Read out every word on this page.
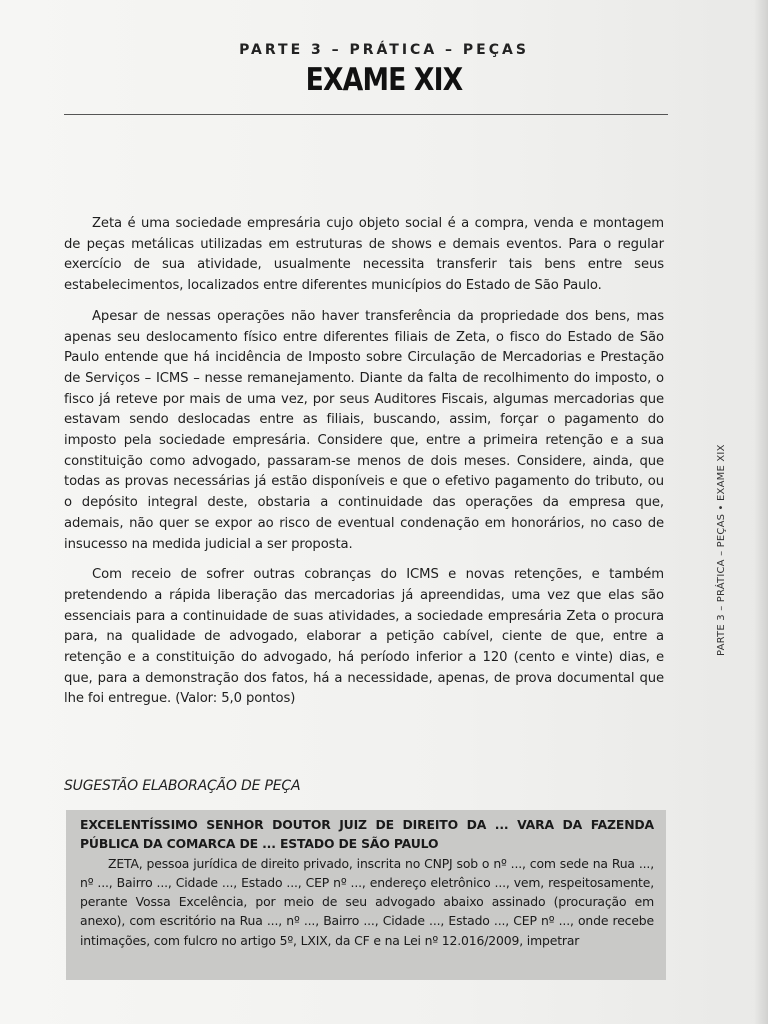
PARTE 3 – PRÁTICA – PEÇAS
EXAME XIX

Zeta é uma sociedade empresária cujo objeto social é a compra, venda e montagem de peças metálicas utilizadas em estruturas de shows e demais eventos. Para o regular exercício de sua atividade, usualmente necessita transferir tais bens entre seus estabelecimentos, localizados entre diferentes municípios do Estado de São Paulo.

Apesar de nessas operações não haver transferência da propriedade dos bens, mas apenas seu deslocamento físico entre diferentes filiais de Zeta, o fisco do Estado de São Paulo entende que há incidência de Imposto sobre Circulação de Mercadorias e Prestação de Serviços – ICMS – nesse remanejamento. Diante da falta de recolhimento do imposto, o fisco já reteve por mais de uma vez, por seus Auditores Fiscais, algumas mercadorias que estavam sendo deslocadas entre as filiais, buscando, assim, forçar o pagamento do imposto pela sociedade empresária. Considere que, entre a primeira retenção e a sua constituição como advogado, passaram-se menos de dois meses. Considere, ainda, que todas as provas necessárias já estão disponíveis e que o efetivo pagamento do tributo, ou o depósito integral deste, obstaria a continuidade das operações da empresa que, ademais, não quer se expor ao risco de eventual condenação em honorários, no caso de insucesso na medida judicial a ser proposta.

Com receio de sofrer outras cobranças do ICMS e novas retenções, e também pretendendo a rápida liberação das mercadorias já apreendidas, uma vez que elas são essenciais para a continuidade de suas atividades, a sociedade empresária Zeta o procura para, na qualidade de advogado, elaborar a petição cabível, ciente de que, entre a retenção e a constituição do advogado, há período inferior a 120 (cento e vinte) dias, e que, para a demonstração dos fatos, há a necessidade, apenas, de prova documental que lhe foi entregue. (Valor: 5,0 pontos)

PARTE 3 – PRÁTICA – PEÇAS • EXAME XIX
SUGESTÃO ELABORAÇÃO DE PEÇA

EXCELENTÍSSIMO SENHOR DOUTOR JUIZ DE DIREITO DA ... VARA DA FAZENDA PÚBLICA DA COMARCA DE ... ESTADO DE SÃO PAULO

ZETA, pessoa jurídica de direito privado, inscrita no CNPJ sob o nº ..., com sede na Rua ..., nº ..., Bairro ..., Cidade ..., Estado ..., CEP nº ..., endereço eletrônico ..., vem, respeitosamente, perante Vossa Excelência, por meio de seu advogado abaixo assinado (procuração em anexo), com escritório na Rua ..., nº ..., Bairro ..., Cidade ..., Estado ..., CEP nº ..., onde recebe intimações, com fulcro no artigo 5º, LXIX, da CF e na Lei nº 12.016/2009, impetrar
